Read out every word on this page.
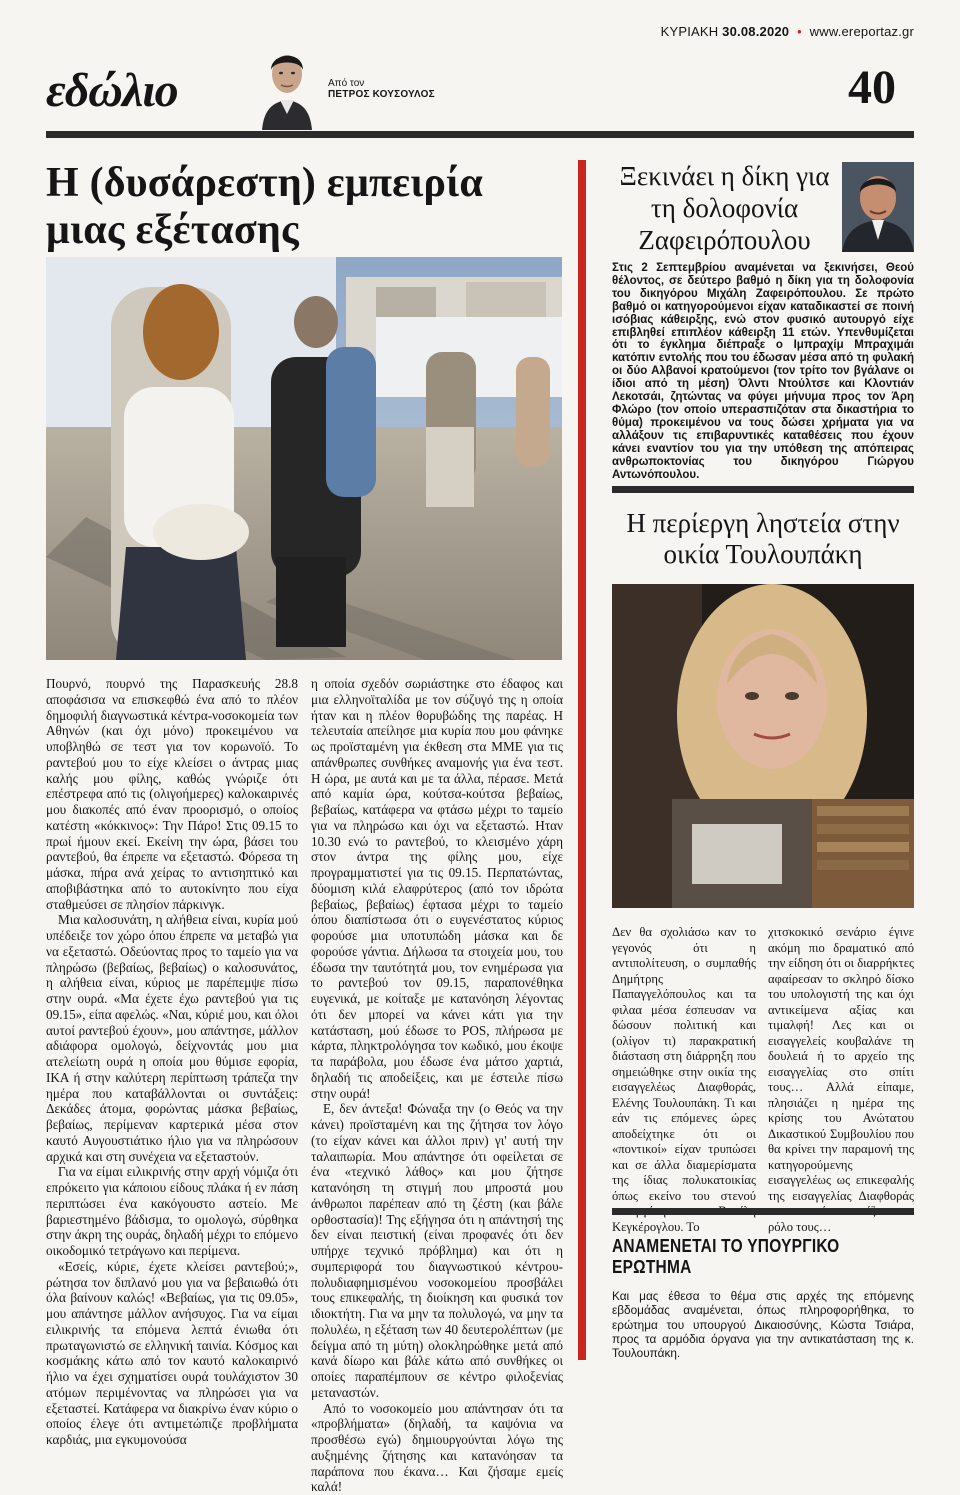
ΚΥΡΙΑΚΗ 30.08.2020 • www.ereportaz.gr
εδώλιο	Από τον
ΠΕΤΡΟΣ ΚΟΥΣΟΥΛΟΣ	40
Η (δυσάρεστη) εμπειρία μιας εξέτασης

Πουρνό, πουρνό της Παρασκευής 28.8 αποφάσισα να επισκεφθώ ένα από το πλέον δημοφιλή διαγνωστικά κέντρα-νοσοκομεία των Αθηνών (και όχι μόνο) προκειμένου να υποβληθώ σε τεστ για τον κορωνοϊό. Το ραντεβού μου το είχε κλείσει ο άντρας μιας καλής μου φίλης, καθώς γνώριζε ότι επέστρεφα από τις (ολιγοήμερες) καλοκαιρινές μου διακοπές από έναν προορισμό, ο οποίος κατέστη «κόκκινος»: Την Πάρο! Στις 09.15 το πρωί ήμουν εκεί. Εκείνη την ώρα, βάσει του ραντεβού, θα έπρεπε να εξεταστώ. Φόρεσα τη μάσκα, πήρα ανά χείρας το αντισηπτικό και αποβιβάστηκα από το αυτοκίνητο που είχα σταθμεύσει σε πλησίον πάρκινγκ.

Μια καλοσυνάτη, η αλήθεια είναι, κυρία μού υπέδειξε τον χώρο όπου έπρεπε να μεταβώ για να εξεταστώ. Οδεύοντας προς το ταμείο για να πληρώσω (βεβαίως, βεβαίως) ο καλοσυνάτος, η αλήθεια είναι, κύριος με παρέπεμψε πίσω στην ουρά. «Μα έχετε έχω ραντεβού για τις 09.15», είπα αφελώς. «Ναι, κύριέ μου, και όλοι αυτοί ραντεβού έχουν», μου απάντησε, μάλλον αδιάφορα ομολογώ, δείχνοντάς μου μια ατελείωτη ουρά η οποία μου θύμισε εφορία, ΙΚΑ ή στην καλύτερη περίπτωση τράπεζα την ημέρα που καταβάλλονται οι συντάξεις: Δεκάδες άτομα, φορώντας μάσκα βεβαίως, βεβαίως, περίμεναν καρτερικά μέσα στον καυτό Αυγουστιάτικο ήλιο για να πληρώσουν αρχικά και στη συνέχεια να εξεταστούν.

Για να είμαι ειλικρινής στην αρχή νόμιζα ότι επρόκειτο για κάποιου είδους πλάκα ή εν πάση περιπτώσει ένα κακόγουστο αστείο. Με βαριεστημένο βάδισμα, το ομολογώ, σύρθηκα στην άκρη της ουράς, δηλαδή μέχρι το επόμενο οικοδομικό τετράγωνο και περίμενα.

«Εσείς, κύριε, έχετε κλείσει ραντεβού;», ρώτησα τον διπλανό μου για να βεβαιωθώ ότι όλα βαίνουν καλώς! «Βεβαίως, για τις 09.05», μου απάντησε μάλλον ανήσυχος. Για να είμαι ειλικρινής τα επόμενα λεπτά ένιωθα ότι πρωταγωνιστώ σε ελληνική ταινία. Κόσμος και κοσμάκης κάτω από τον καυτό καλοκαιρινό ήλιο να έχει σχηματίσει ουρά τουλάχιστον 30 ατόμων περιμένοντας να πληρώσει για να εξεταστεί. Κατάφερα να διακρίνω έναν κύριο ο οποίος έλεγε ότι αντιμετώπιζε προβλήματα καρδιάς, μια εγκυμονούσα

η οποία σχεδόν σωριάστηκε στο έδαφος και μια ελληνοϊταλίδα με τον σύζυγό της η οποία ήταν και η πλέον θορυβώδης της παρέας. Η τελευταία απείλησε μια κυρία που μου φάνηκε ως προϊσταμένη για έκθεση στα ΜΜΕ για τις απάνθρωπες συνθήκες αναμονής για ένα τεστ. Η ώρα, με αυτά και με τα άλλα, πέρασε. Μετά από καμία ώρα, κούτσα-κούτσα βεβαίως, βεβαίως, κατάφερα να φτάσω μέχρι το ταμείο για να πληρώσω και όχι να εξεταστώ. Ηταν 10.30 ενώ το ραντεβού, το κλεισμένο χάρη στον άντρα της φίλης μου, είχε προγραμματιστεί για τις 09.15. Περπατώντας, δύομιση κιλά ελαφρύτερος (από τον ιδρώτα βεβαίως, βεβαίως) έφτασα μέχρι το ταμείο όπου διαπίστωσα ότι ο ευγενέστατος κύριος φορούσε μια υποτυπώδη μάσκα και δε φορούσε γάντια. Δήλωσα τα στοιχεία μου, του έδωσα την ταυτότητά μου, τον ενημέρωσα για το ραντεβού τον 09.15, παραπονέθηκα ευγενικά, με κοίταξε με κατανόηση λέγοντας ότι δεν μπορεί να κάνει κάτι για την κατάσταση, μού έδωσε το POS, πλήρωσα με κάρτα, πληκτρολόγησα τον κωδικό, μου έκοψε τα παράβολα, μου έδωσε ένα μάτσο χαρτιά, δηλαδή τις αποδείξεις, και με έστειλε πίσω στην ουρά!

Ε, δεν άντεξα! Φώναξα την (ο Θεός να την κάνει) προϊσταμένη και της ζήτησα τον λόγο (το είχαν κάνει και άλλοι πριν) γι' αυτή την ταλαιπωρία. Μου απάντησε ότι οφείλεται σε ένα «τεχνικό λάθος» και μου ζήτησε κατανόηση τη στιγμή που μπροστά μου άνθρωποι παρέπεαν από τη ζέστη (και βάλε ορθοστασία)! Της εξήγησα ότι η απάντησή της δεν είναι πειστική (είναι προφανές ότι δεν υπήρχε τεχνικό πρόβλημα) και ότι η συμπεριφορά του διαγνωστικού κέντρου-πολυδιαφημισμένου νοσοκομείου προσβάλει τους επικεφαλής, τη διοίκηση και φυσικά τον ιδιοκτήτη. Για να μην τα πολυλογώ, να μην τα πολυλέω, η εξέταση των 40 δευτερολέπτων (με δείγμα από τη μύτη) ολοκληρώθηκε μετά από κανά δίωρο και βάλε κάτω από συνθήκες οι οποίες παραπέμπουν σε κέντρο φιλοξενίας μεταναστών.

Από το νοσοκομείο μου απάντησαν ότι τα «προβλήματα» (δηλαδή, τα καψόνια να προσθέσω εγώ) δημιουργούνται λόγω της αυξημένης ζήτησης και κατανόησαν τα παράπονα που έκανα… Και ζήσαμε εμείς καλά!

Ξεκινάει η δίκη για τη δολοφονία Ζαφειρόπουλου
Στις 2 Σεπτεμβρίου αναμένεται να ξεκινήσει, Θεού θέλοντος, σε δεύτερο βαθμό η δίκη για τη δολοφονία του δικηγόρου Μιχάλη Ζαφειρόπουλου. Σε πρώτο βαθμό οι κατηγορούμενοι είχαν καταδικαστεί σε ποινή ισόβιας κάθειρξης, ενώ στον φυσικό αυτουργό είχε επιβληθεί επιπλέον κάθειρξη 11 ετών. Υπενθυμίζεται ότι το έγκλημα διέπραξε ο Ιμπραχίμ Μπραχιμάι κατόπιν εντολής που του έδωσαν μέσα από τη φυλακή οι δύο Αλβανοί κρατούμενοι (τον τρίτο τον βγάλανε οι ίδιοι από τη μέση) Όλντι Ντούλτσε και Κλοντιάν Λεκοτσάι, ζητώντας να φύγει μήνυμα προς τον Άρη Φλώρο (τον οποίο υπερασπιζόταν στα δικαστήρια το θύμα) προκειμένου να τους δώσει χρήματα για να αλλάξουν τις επιβαρυντικές καταθέσεις που έχουν κάνει εναντίον του για την υπόθεση της απόπειρας ανθρωποκτονίας του δικηγόρου Γιώργου Αντωνόπουλου.
Η περίεργη ληστεία στην οικία Τουλουπάκη
Δεν θα σχολιάσω καν το γεγονός ότι η αντιπολίτευση, ο συμπαθής Δημήτρης Παπαγγελόπουλος και τα φιλαα μέσα έσπευσαν να δώσουν πολιτική και (ολίγον τι) παρακρατική διάσταση στη διάρρηξη που σημειώθηκε στην οικία της εισαγγελέως Διαφθοράς, Ελένης Τουλουπάκη. Τι και εάν τις επόμενες ώρες αποδείχτηκε ότι οι «ποντικοί» είχαν τρυπώσει και σε άλλα διαμερίσματα της ίδιας πολυκατοικίας όπως εκείνο του στενού Κεγκέρογλου. Το
χιτσκοκικό σενάριο έγινε ακόμη πιο δραματικό από την είδηση ότι οι διαρρήκτες αφαίρεσαν το σκληρό δίσκο του υπολογιστή της και όχι αντικείμενα αξίας και τιμαλφή! Λες και οι εισαγγελείς κουβαλάνε τη δουλειά ή το αρχείο της εισαγγελίας στο σπίτι τους… Αλλά είπαμε, πλησιάζει η ημέρα της κρίσης του Ανώτατου Δικαστικού Συμβουλίου που θα κρίνει την παραμονή της κατηγορούμενης εισαγγελέως ως επικεφαλής της εισαγγελίας Διαφθοράς ρόλο τους…
ΑΝΑΜΕΝΕΤΑΙ ΤΟ ΥΠΟΥΡΓΙΚΟ ΕΡΩΤΗΜΑ
Και μας έθεσα το θέμα στις αρχές της επόμενης εβδομάδας αναμένεται, όπως πληροφορήθηκα, το ερώτημα του υπουργού Δικαιοσύνης, Κώστα Τσιάρα, προς τα αρμόδια όργανα για την αντικατάσταση της κ. Τουλουπάκη.
